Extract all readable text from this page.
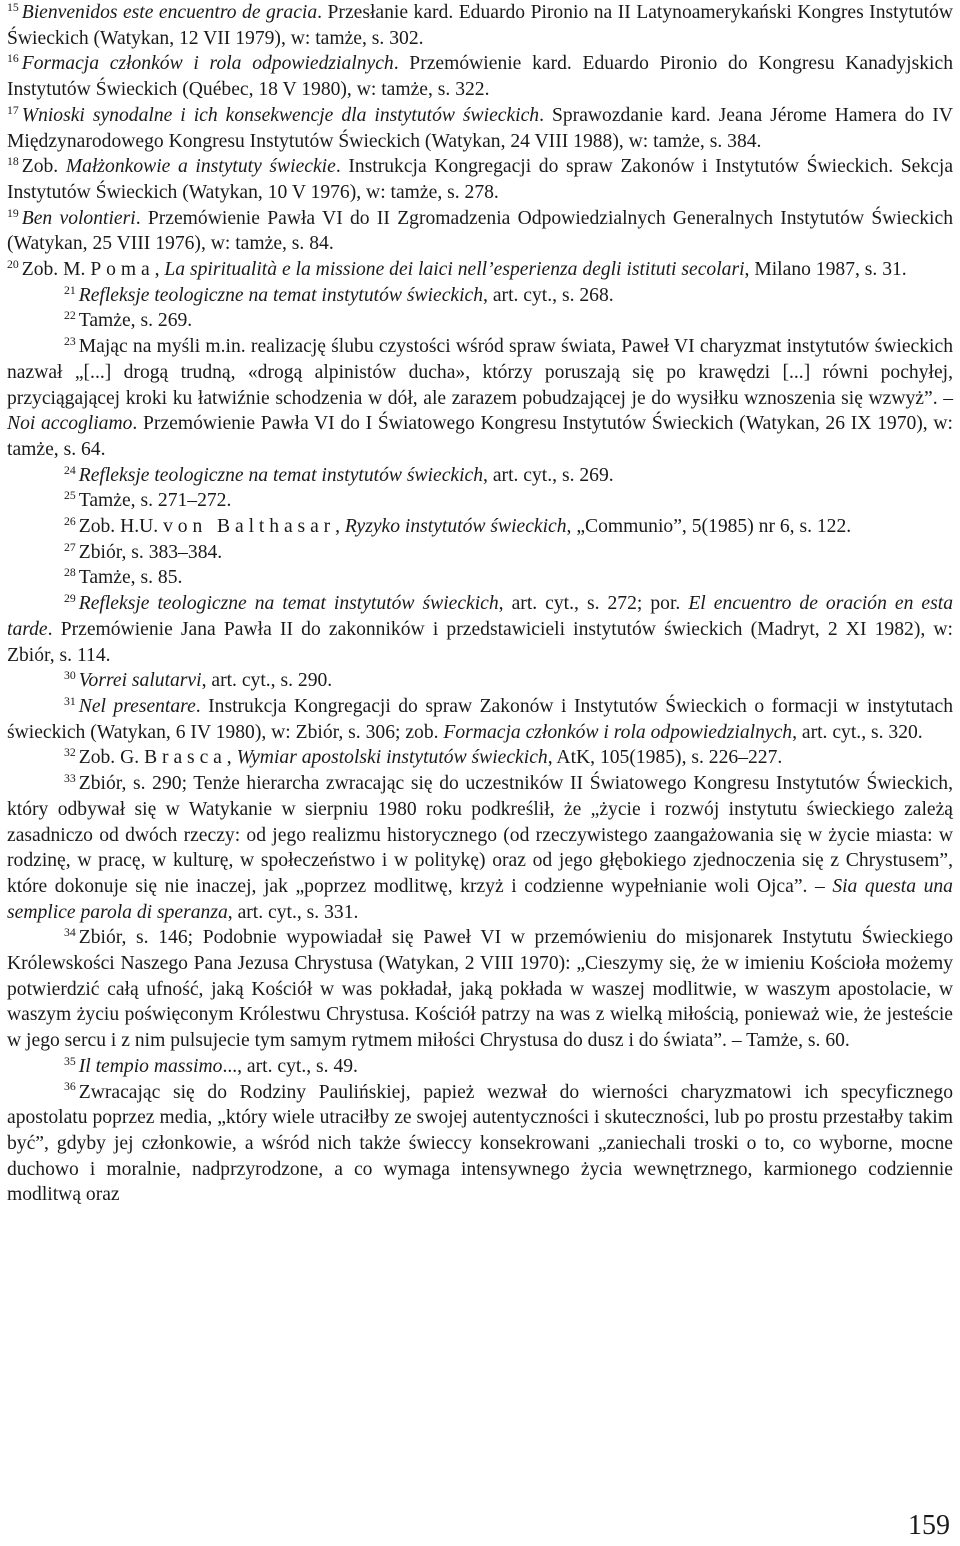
$^{15}$ Bienvenidos este encuentro de gracia. Przesłanie kard. Eduardo Pironio na II Latynoamerykański Kongres Instytutów Świeckich (Watykan, 12 VII 1979), w: tamże, s. 302.

$^{16}$ Formacja członków i rola odpowiedzialnych. Przemówienie kard. Eduardo Pironio do Kongresu Kanadyjskich Instytutów Świeckich (Québec, 18 V 1980), w: tamże, s. 322.

$^{17}$ Wnioski synodalne i ich konsekwencje dla instytutów świeckich. Sprawozdanie kard. Jeana Jérome Hamera do IV Międzynarodowego Kongresu Instytutów Świeckich (Watykan, 24 VIII 1988), w: tamże, s. 384.

$^{18}$ Zob. Małżonkowie a instytuty świeckie. Instrukcja Kongregacji do spraw Zakonów i Instytutów Świeckich. Sekcja Instytutów Świeckich (Watykan, 10 V 1976), w: tamże, s. 278.

$^{19}$ Ben volontieri. Przemówienie Pawła VI do II Zgromadzenia Odpowiedzialnych Generalnych Instytutów Świeckich (Watykan, 25 VIII 1976), w: tamże, s. 84.

$^{20}$ Zob. M. Poma, La spiritualità e la missione dei laici nell’esperienza degli istituti secolari, Milano 1987, s. 31.

$^{21}$ Refleksje teologiczne na temat instytutów świeckich, art. cyt., s. 268.

$^{22}$ Tamże, s. 269.

$^{23}$ Mając na myśli m.in. realizację ślubu czystości wśród spraw świata, Paweł VI charyzmat instytutów świeckich nazwał „[...] drogą trudną, «drogą alpinistów ducha», którzy poruszają się po krawędzi [...] równi pochyłej, przyciągającej kroki ku łatwiźnie schodzenia w dół, ale zarazem pobudzającej je do wysiłku wznoszenia się wzwyż”. – Noi accogliamo. Przemówienie Pawła VI do I Światowego Kongresu Instytutów Świeckich (Watykan, 26 IX 1970), w: tamże, s. 64.

$^{24}$ Refleksje teologiczne na temat instytutów świeckich, art. cyt., s. 269.

$^{25}$ Tamże, s. 271–272.

$^{26}$ Zob. H.U. von Balthasar, Ryzyko instytutów świeckich, „Communio”, 5(1985) nr 6, s. 122.

$^{27}$ Zbiór, s. 383–384.

$^{28}$ Tamże, s. 85.

$^{29}$ Refleksje teologiczne na temat instytutów świeckich, art. cyt., s. 272; por. El encuentro de oración en esta tarde. Przemówienie Jana Pawła II do zakonników i przedstawicieli instytutów świeckich (Madryt, 2 XI 1982), w: Zbiór, s. 114.

$^{30}$ Vorrei salutarvi, art. cyt., s. 290.

$^{31}$ Nel presentare. Instrukcja Kongregacji do spraw Zakonów i Instytutów Świeckich o formacji w instytutach świeckich (Watykan, 6 IV 1980), w: Zbiór, s. 306; zob. Formacja członków i rola odpowiedzialnych, art. cyt., s. 320.

$^{32}$ Zob. G. Brasca, Wymiar apostolski instytutów świeckich, AtK, 105(1985), s. 226–227.

$^{33}$ Zbiór, s. 290; Tenże hierarcha zwracając się do uczestników II Światowego Kongresu Instytutów Świeckich, który odbywał się w Watykanie w sierpniu 1980 roku podkreślił, że „życie i rozwój instytutu świeckiego zależą zasadniczo od dwóch rzeczy: od jego realizmu historycznego (od rzeczywistego zaangażowania się w życie miasta: w rodzinę, w pracę, w kulturę, w społeczeństwo i w politykę) oraz od jego głębokiego zjednoczenia się z Chrystusem”, które dokonuje się nie inaczej, jak „poprzez modlitwę, krzyż i codzienne wypełnianie woli Ojca”. – Sia questa una semplice parola di speranza, art. cyt., s. 331.

$^{34}$ Zbiór, s. 146; Podobnie wypowiadał się Paweł VI w przemówieniu do misjonarek Instytutu Świeckiego Królewskości Naszego Pana Jezusa Chrystusa (Watykan, 2 VIII 1970): „Cieszymy się, że w imieniu Kościoła możemy potwierdzić całą ufność, jaką Kościół w was pokładał, jaką pokłada w waszej modlitwie, w waszym apostolacie, w waszym życiu poświęconym Królestwu Chrystusa. Kościół patrzy na was z wielką miłością, ponieważ wie, że jesteście w jego sercu i z nim pulsujecie tym samym rytmem miłości Chrystusa do dusz i do świata”. – Tamże, s. 60.

$^{35}$ Il tempio massimo..., art. cyt., s. 49.

$^{36}$ Zwracając się do Rodziny Paulińskiej, papież wezwał do wierności charyzmatowi ich specyficznego apostolatu poprzez media, „który wiele utraciłby ze swojej autentyczności i skuteczności, lub po prostu przestałby takim być”, gdyby jej członkowie, a wśród nich także świeccy konsekrowani „zaniechali troski o to, co wyborne, mocne duchowo i moralnie, nadprzyrodzone, a co wymaga intensywnego życia wewnętrznego, karmionego codziennie modlitwą oraz

159
